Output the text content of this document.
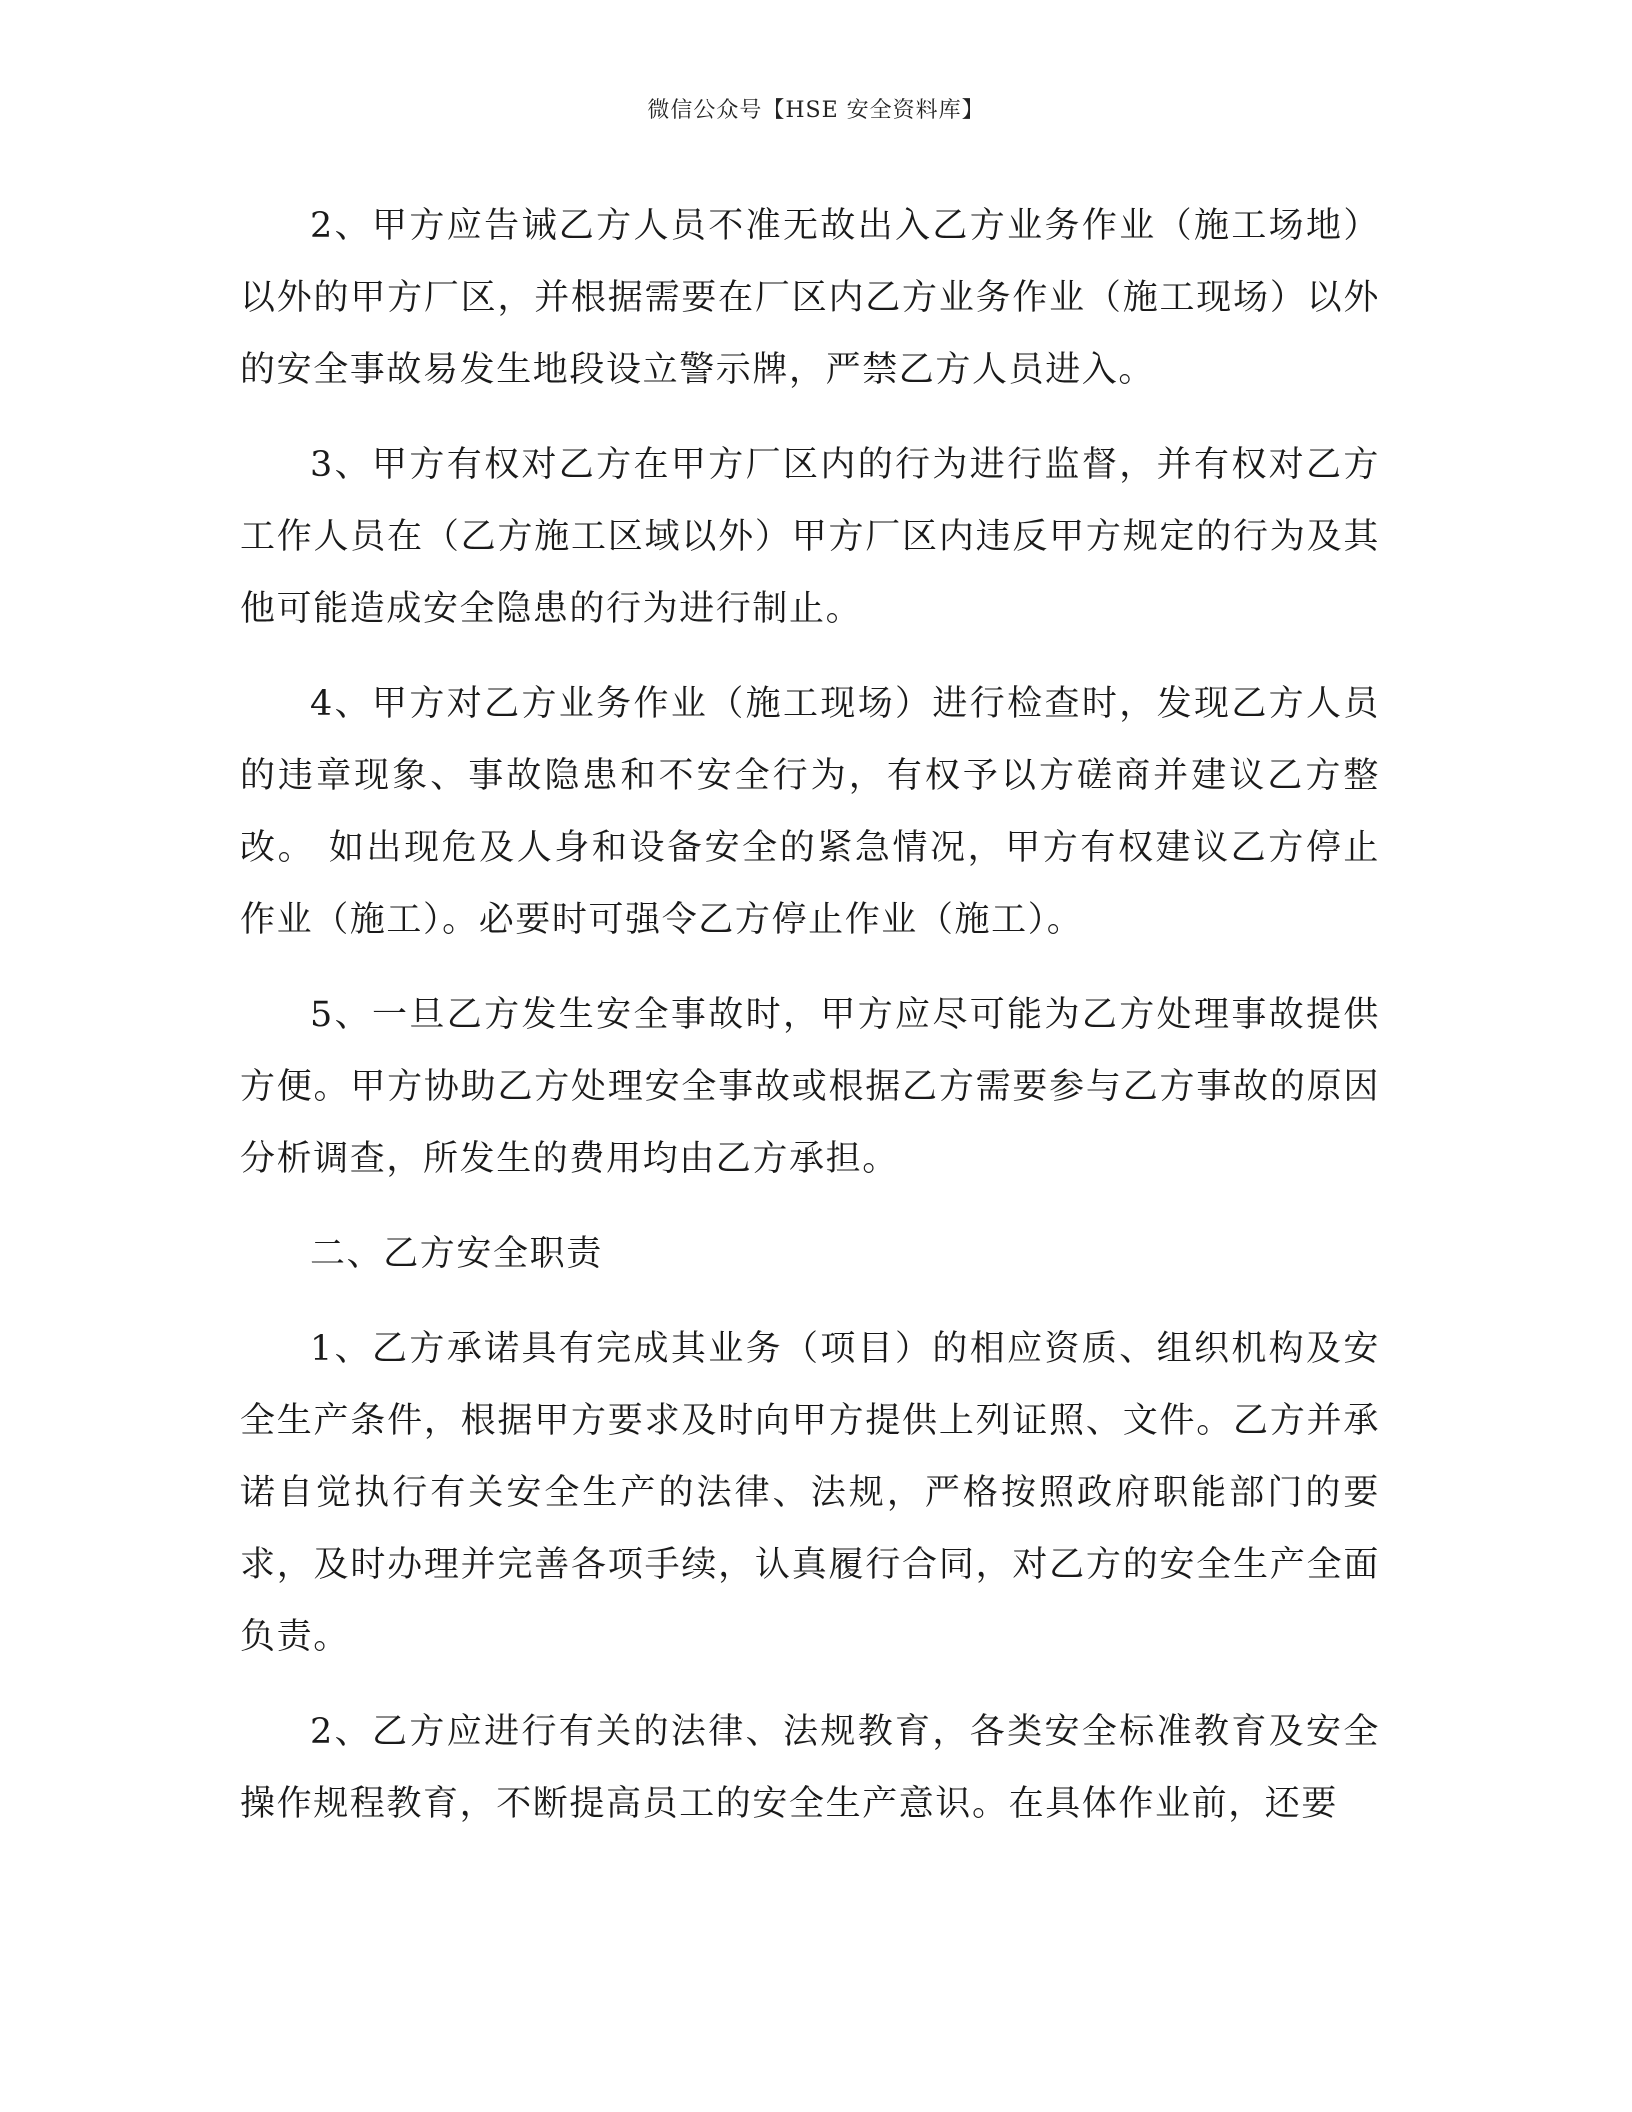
微信公众号【HSE 安全资料库】

2、甲方应告诫乙方人员不准无故出入乙方业务作业（施工场地）以外的甲方厂区，并根据需要在厂区内乙方业务作业（施工现场）以外的安全事故易发生地段设立警示牌，严禁乙方人员进入。

3、甲方有权对乙方在甲方厂区内的行为进行监督，并有权对乙方工作人员在（乙方施工区域以外）甲方厂区内违反甲方规定的行为及其他可能造成安全隐患的行为进行制止。

4、甲方对乙方业务作业（施工现场）进行检查时，发现乙方人员的违章现象、事故隐患和不安全行为，有权予以方磋商并建议乙方整改。 如出现危及人身和设备安全的紧急情况，甲方有权建议乙方停止作业（施工）。必要时可强令乙方停止作业（施工）。

5、一旦乙方发生安全事故时，甲方应尽可能为乙方处理事故提供方便。甲方协助乙方处理安全事故或根据乙方需要参与乙方事故的原因分析调查，所发生的费用均由乙方承担。

二、乙方安全职责

1、乙方承诺具有完成其业务（项目）的相应资质、组织机构及安全生产条件，根据甲方要求及时向甲方提供上列证照、文件。乙方并承诺自觉执行有关安全生产的法律、法规，严格按照政府职能部门的要求，及时办理并完善各项手续，认真履行合同，对乙方的安全生产全面负责。

2、乙方应进行有关的法律、法规教育，各类安全标准教育及安全操作规程教育，不断提高员工的安全生产意识。在具体作业前，还要
